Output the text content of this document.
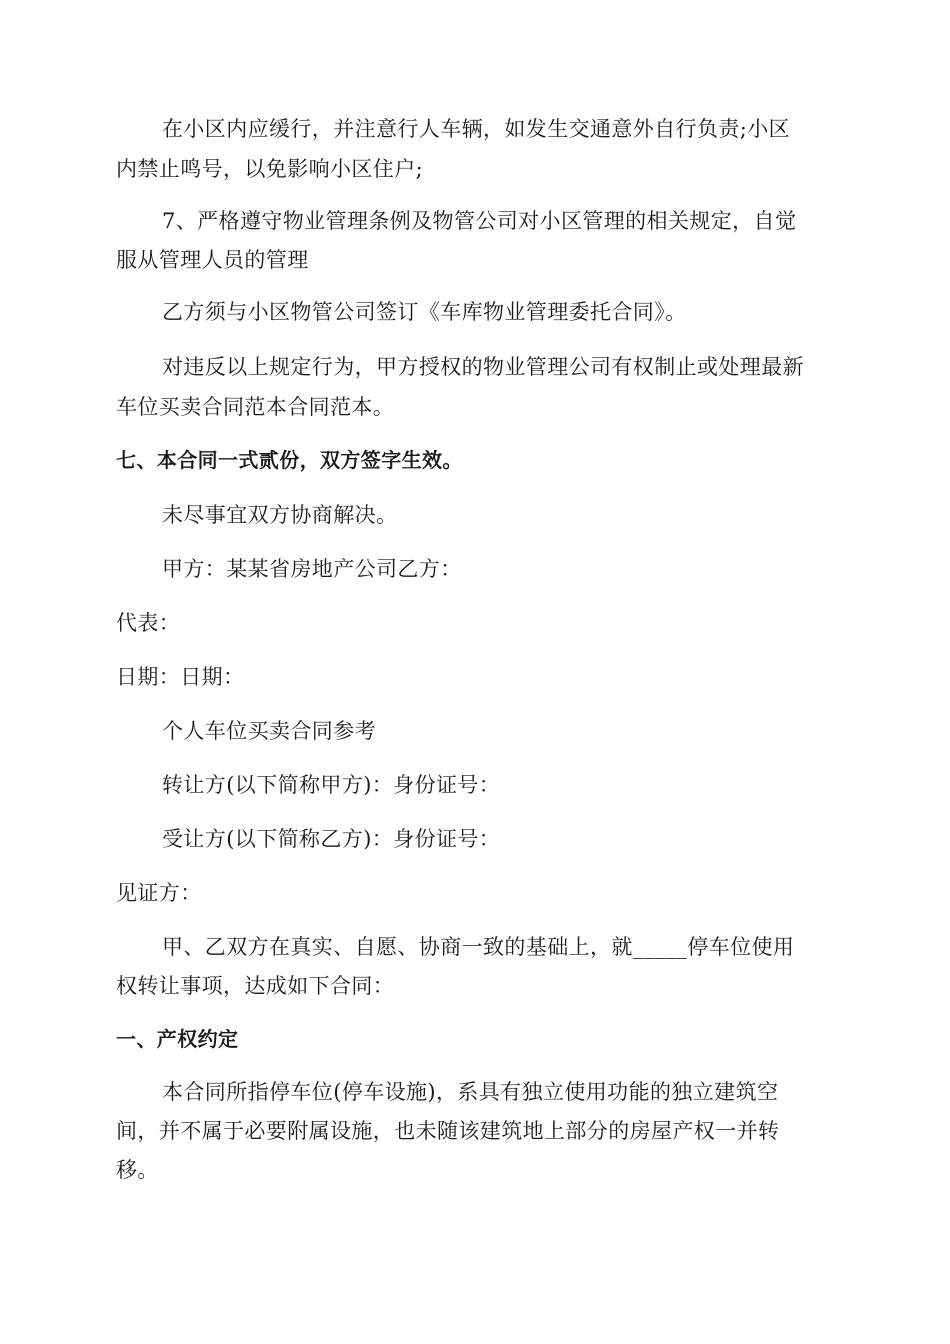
在小区内应缓行，并注意行人车辆，如发生交通意外自行负责;小区
内禁止鸣号，以免影响小区住户;
7、严格遵守物业管理条例及物管公司对小区管理的相关规定，自觉
服从管理人员的管理
乙方须与小区物管公司签订《车库物业管理委托合同》。
对违反以上规定行为，甲方授权的物业管理公司有权制止或处理最新
车位买卖合同范本合同范本。
七、本合同一式贰份，双方签字生效。
未尽事宜双方协商解决。
甲方：某某省房地产公司乙方：
代表：
日期：日期：
个人车位买卖合同参考
转让方(以下简称甲方)：身份证号：
受让方(以下简称乙方)：身份证号：
见证方：
甲、乙双方在真实、自愿、协商一致的基础上，就_____停车位使用
权转让事项，达成如下合同：
一、产权约定
本合同所指停车位(停车设施)，系具有独立使用功能的独立建筑空
间，并不属于必要附属设施，也未随该建筑地上部分的房屋产权一并转
移。
